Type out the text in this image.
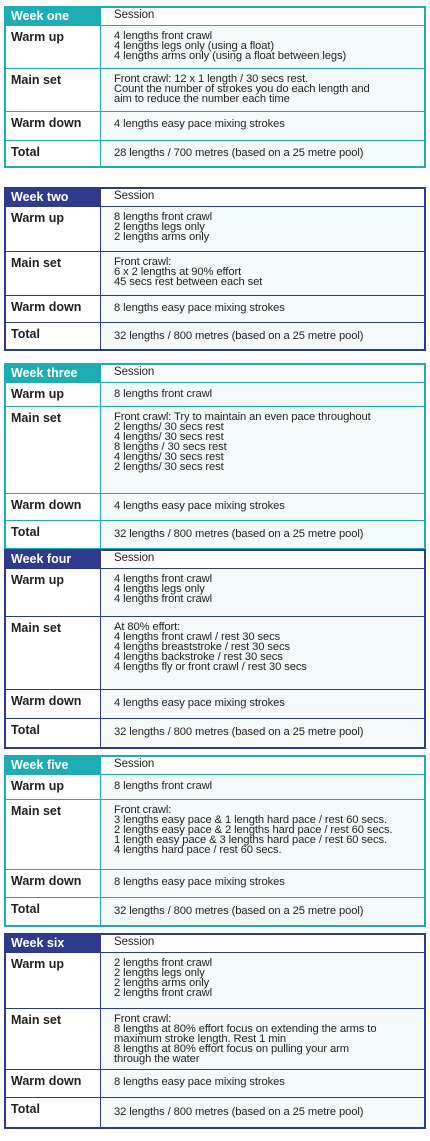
Week one	Session
Warm up	4 lengths front crawl
4 lengths legs only (using a float)
4 lengths arms only (using a float between legs)
Main set	Front crawl: 12 x 1 length / 30 secs rest.
Count the number of strokes you do each length and
aim to reduce the number each time
Warm down	4 lengths easy pace mixing strokes
Total	28 lengths / 700 metres (based on a 25 metre pool)
Week two	Session
Warm up	8 lengths front crawl
2 lengths legs only
2 lengths arms only
Main set	Front crawl:
6 x 2 lengths at 90% effort
45 secs rest between each set
Warm down	8 lengths easy pace mixing strokes
Total	32 lengths / 800 metres (based on a 25 metre pool)
Week three	Session
Warm up	8 lengths front crawl
Main set	Front crawl: Try to maintain an even pace throughout
2 lengths/ 30 secs rest
4 lengths/ 30 secs rest
8 lengths / 30 secs rest
4 lengths/ 30 secs rest
2 lengths/ 30 secs rest
Warm down	4 lengths easy pace mixing strokes
Total	32 lengths / 800 metres (based on a 25 metre pool)
Week four	Session
Warm up	4 lengths front crawl
4 lengths legs only
4 lengths front crawl
Main set	At 80% effort:
4 lengths front crawl / rest 30 secs
4 lengths breaststroke / rest 30 secs
4 lengths backstroke / rest 30 secs
4 lengths fly or front crawl / rest 30 secs
Warm down	4 lengths easy pace mixing strokes
Total	32 lengths / 800 metres (based on a 25 metre pool)
Week five	Session
Warm up	8 lengths front crawl
Main set	Front crawl:
3 lengths easy pace & 1 length hard pace / rest 60 secs.
2 lengths easy pace & 2 lengths hard pace / rest 60 secs.
1 length easy pace & 3 lengths hard pace / rest 60 secs.
4 lengths hard pace / rest 60 secs.
Warm down	8 lengths easy pace mixing strokes
Total	32 lengths / 800 metres (based on a 25 metre pool)
Week six	Session
Warm up	2 lengths front crawl
2 lengths legs only
2 lengths arms only
2 lengths front crawl
Main set	Front crawl:
8 lengths at 80% effort focus on extending the arms to
maximum stroke length. Rest 1 min
8 lengths at 80% effort focus on pulling your arm
through the water
Warm down	8 lengths easy pace mixing strokes
Total	32 lengths / 800 metres (based on a 25 metre pool)
